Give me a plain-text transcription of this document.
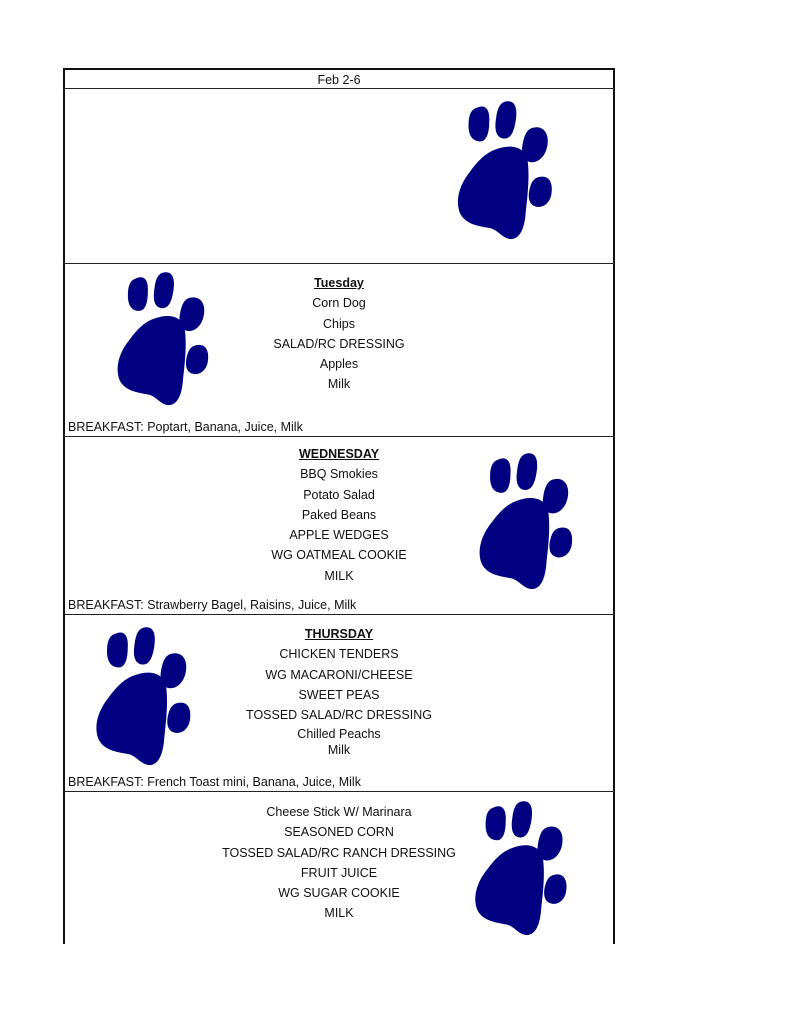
Feb 2-6
Tuesday
Corn Dog
Chips
SALAD/RC DRESSING
Apples
Milk
BREAKFAST: Poptart, Banana, Juice, Milk
WEDNESDAY
BBQ Smokies
Potato Salad
Paked Beans
APPLE WEDGES
WG OATMEAL COOKIE
MILK
BREAKFAST: Strawberry Bagel, Raisins, Juice, Milk
THURSDAY
CHICKEN TENDERS
WG MACARONI/CHEESE
SWEET PEAS
TOSSED SALAD/RC DRESSING
Chilled Peachs
Milk
BREAKFAST: French Toast mini, Banana, Juice, Milk
Cheese Stick W/ Marinara
SEASONED CORN
TOSSED SALAD/RC RANCH DRESSING
FRUIT JUICE
WG SUGAR COOKIE
MILK
